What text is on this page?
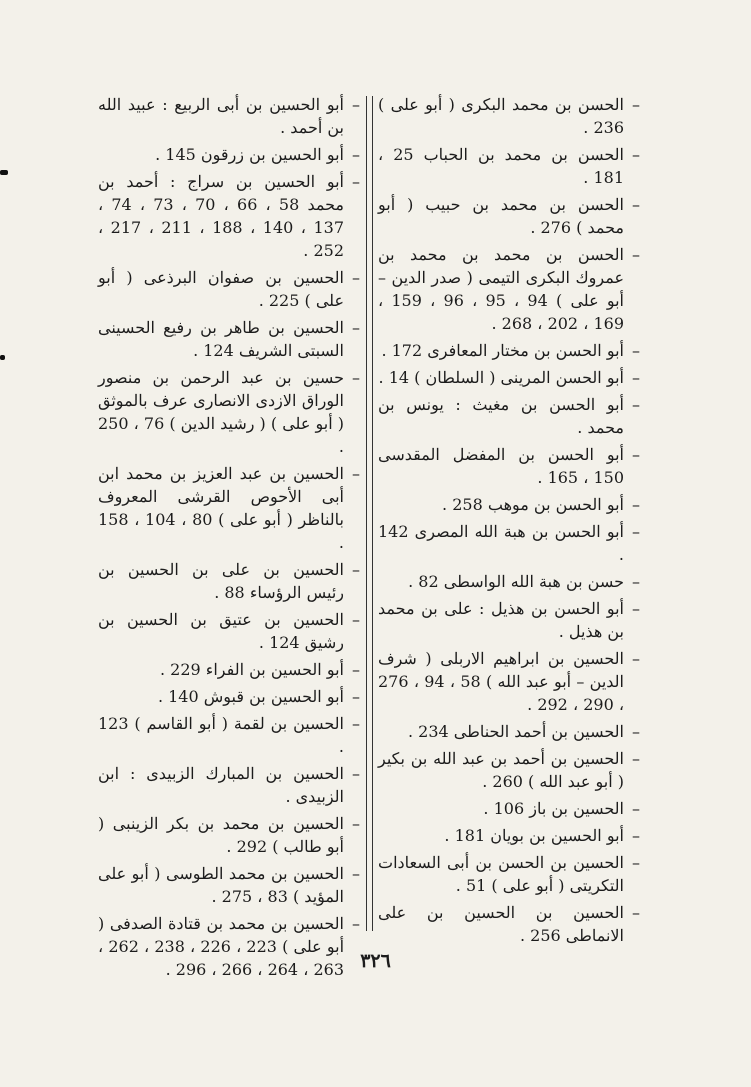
– الحسن بن محمد البكرى ( أبو على ) 236 .
– الحسن بن محمد بن الحباب 25 ، 181 .
– الحسن بن محمد بن حبيب ( أبو محمد ) 276 .
– الحسن بن محمد بن محمد بن عمروك البكرى التيمى ( صدر الدين – أبو على ) 94 ، 95 ، 96 ، 159 ، 169 ، 202 ، 268 .
– أبو الحسن بن مختار المعافرى 172 .
– أبو الحسن المرينى ( السلطان ) 14 .
– أبو الحسن بن مغيث : يونس بن محمد .
– أبو الحسن بن المفضل المقدسى 150 ، 165 .
– أبو الحسن بن موهب 258 .
– أبو الحسن بن هبة الله المصرى 142 .
– حسن بن هبة الله الواسطى 82 .
– أبو الحسن بن هذيل : على بن محمد بن هذيل .
– الحسين بن ابراهيم الاربلى ( شرف الدين – أبو عبد الله ) 58 ، 94 ، 276 ، 290 ، 292 .
– الحسين بن أحمد الحناطى 234 .
– الحسين بن أحمد بن عبد الله بن بكير ( أبو عبد الله ) 260 .
– الحسين بن باز 106 .
– أبو الحسين بن بويان 181 .
– الحسين بن الحسن بن أبى السعادات التكريتى ( أبو على ) 51 .
– الحسين بن الحسين بن على الانماطى 256 .
– أبو الحسين بن أبى الربيع : عبيد الله بن أحمد .
– أبو الحسين بن زرقون 145 .
– أبو الحسين بن سراج : أحمد بن محمد 58 ، 66 ، 70 ، 73 ، 74 ، 137 ، 140 ، 188 ، 211 ، 217 ، 252 .
– الحسين بن صفوان البرذعى ( أبو على ) 225 .
– الحسين بن طاهر بن رفيع الحسينى السبتى الشريف 124 .
– حسين بن عبد الرحمن بن منصور الوراق الازدى الانصارى عرف بالموثق ( أبو على ) ( رشيد الدين ) 76 ، 250 .
– الحسين بن عبد العزيز بن محمد ابن أبى الأحوص القرشى المعروف بالناظر ( أبو على ) 80 ، 104 ، 158 .
– الحسين بن على بن الحسين بن رئيس الرؤساء 88 .
– الحسين بن عتيق بن الحسين بن رشيق 124 .
– أبو الحسين بن الفراء 229 .
– أبو الحسين بن قبوش 140 .
– الحسين بن لقمة ( أبو القاسم ) 123 .
– الحسين بن المبارك الزبيدى : ابن الزبيدى .
– الحسين بن محمد بن بكر الزينبى ( أبو طالب ) 292 .
– الحسين بن محمد الطوسى ( أبو على المؤيد ) 83 ، 275 .
– الحسين بن محمد بن قتادة الصدفى ( أبو على ) 223 ، 226 ، 238 ، 262 ، 263 ، 264 ، 266 ، 296 . ٣٢٦
